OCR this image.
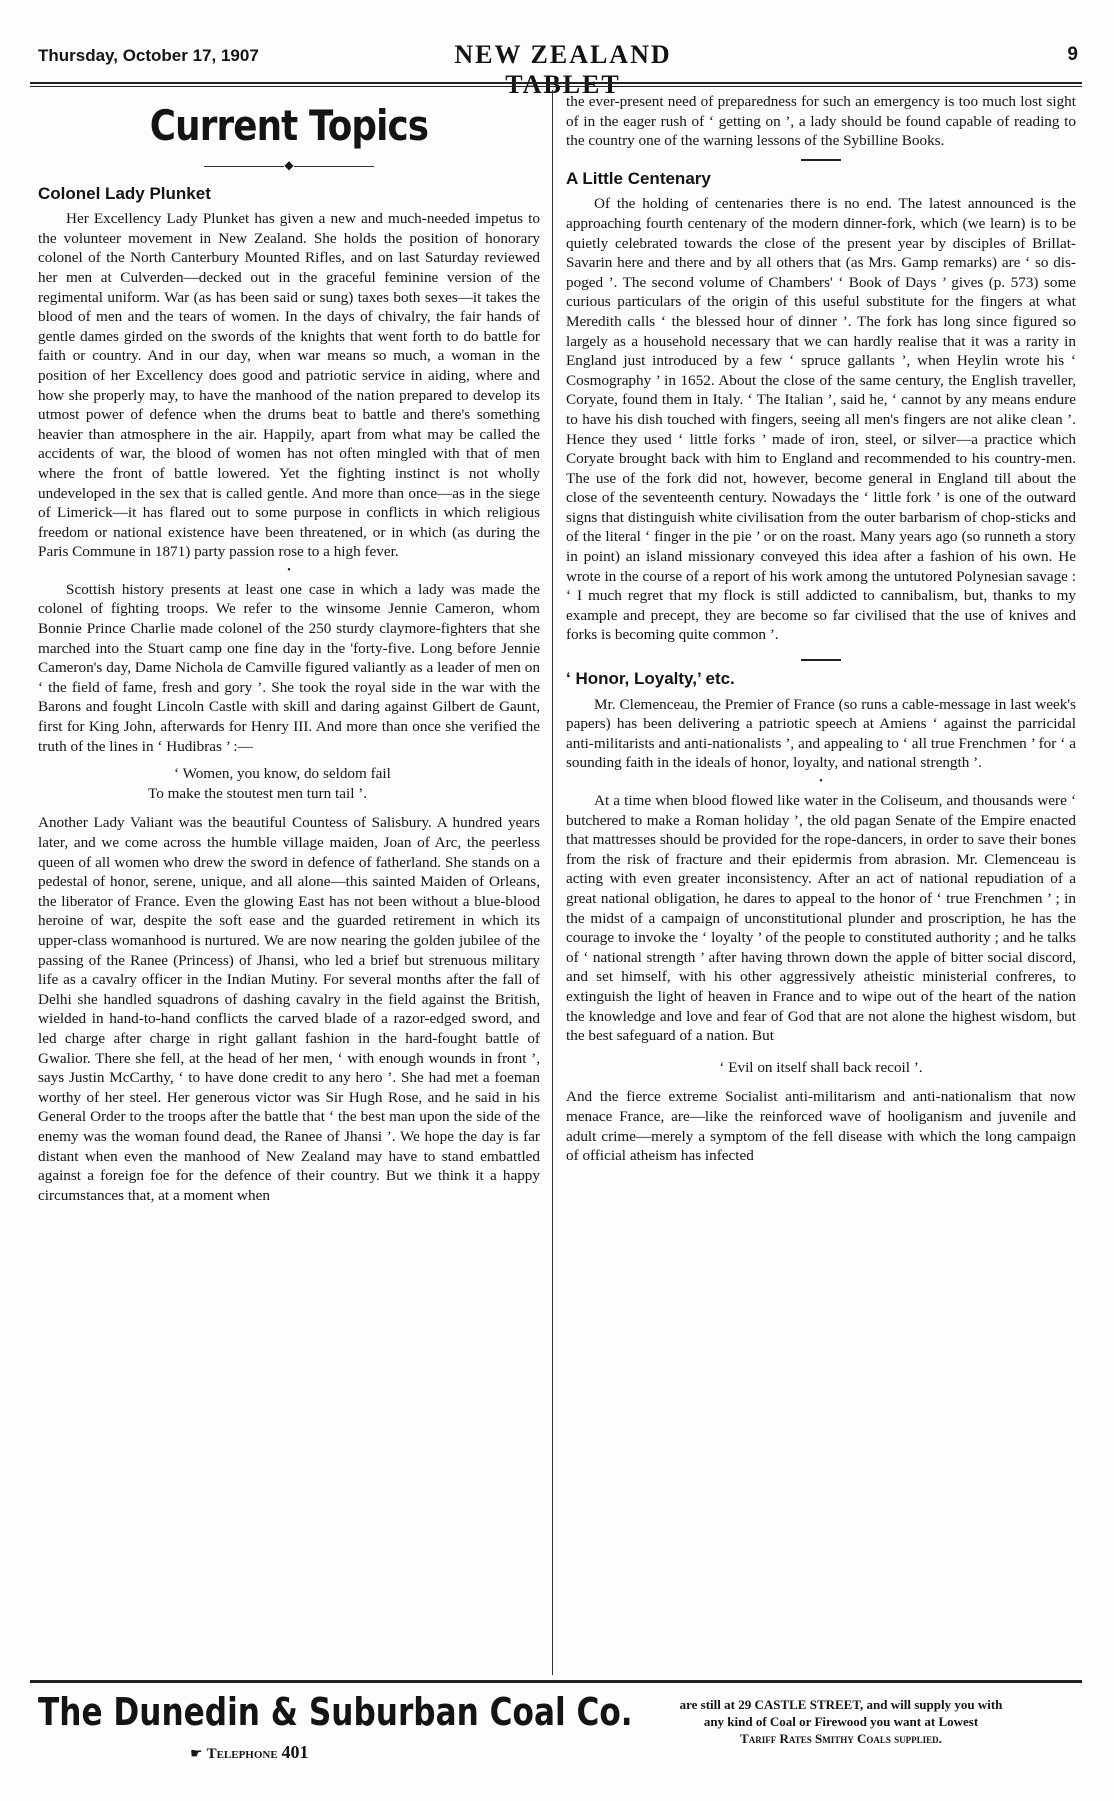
Thursday, October 17, 1907	NEW ZEALAND TABLET
9
Current Topics
◆
Colonel Lady Plunket

Her Excellency Lady Plunket has given a new and much-needed impetus to the volunteer movement in New Zealand. She holds the position of honorary colonel of the North Canterbury Mounted Rifles, and on last Saturday reviewed her men at Culverden—decked out in the graceful feminine version of the regimental uniform. War (as has been said or sung) taxes both sexes—it takes the blood of men and the tears of women. In the days of chivalry, the fair hands of gentle dames girded on the swords of the knights that went forth to do battle for faith or country. And in our day, when war means so much, a woman in the position of her Excellency does good and patriotic service in aiding, where and how she properly may, to have the manhood of the nation prepared to develop its utmost power of defence when the drums beat to battle and there's something heavier than atmosphere in the air. Happily, apart from what may be called the accidents of war, the blood of women has not often mingled with that of men where the front of battle lowered. Yet the fighting instinct is not wholly undeveloped in the sex that is called gentle. And more than once—as in the siege of Limerick—it has flared out to some purpose in conflicts in which religious freedom or national existence have been threatened, or in which (as during the Paris Commune in 1871) party passion rose to a high fever.

•

Scottish history presents at least one case in which a lady was made the colonel of fighting troops. We refer to the winsome Jennie Cameron, whom Bonnie Prince Charlie made colonel of the 250 sturdy claymore-fighters that she marched into the Stuart camp one fine day in the 'forty-five. Long before Jennie Cameron's day, Dame Nichola de Camville figured valiantly as a leader of men on ‘ the field of fame, fresh and gory ’. She took the royal side in the war with the Barons and fought Lincoln Castle with skill and daring against Gilbert de Gaunt, first for King John, afterwards for Henry III. And more than once she verified the truth of the lines in ‘ Hudibras ’ :—

‘ Women, you know, do seldom fail
To make the stoutest men turn tail ’.

Another Lady Valiant was the beautiful Countess of Salisbury. A hundred years later, and we come across the humble village maiden, Joan of Arc, the peerless queen of all women who drew the sword in defence of fatherland. She stands on a pedestal of honor, serene, unique, and all alone—this sainted Maiden of Orleans, the liberator of France. Even the glowing East has not been without a blue-blood heroine of war, despite the soft ease and the guarded retirement in which its upper-class womanhood is nurtured. We are now nearing the golden jubilee of the passing of the Ranee (Princess) of Jhansi, who led a brief but strenuous military life as a cavalry officer in the Indian Mutiny. For several months after the fall of Delhi she handled squadrons of dashing cavalry in the field against the British, wielded in hand-to-hand conflicts the carved blade of a razor-edged sword, and led charge after charge in right gallant fashion in the hard-fought battle of Gwalior. There she fell, at the head of her men, ‘ with enough wounds in front ’, says Justin McCarthy, ‘ to have done credit to any hero ’. She had met a foeman worthy of her steel. Her generous victor was Sir Hugh Rose, and he said in his General Order to the troops after the battle that ‘ the best man upon the side of the enemy was the woman found dead, the Ranee of Jhansi ’. We hope the day is far distant when even the manhood of New Zealand may have to stand embattled against a foreign foe for the defence of their country. But we think it a happy circumstances that, at a moment when

the ever-present need of preparedness for such an emergency is too much lost sight of in the eager rush of ‘ getting on ’, a lady should be found capable of reading to the country one of the warning lessons of the Sybilline Books.

A Little Centenary

Of the holding of centenaries there is no end. The latest announced is the approaching fourth centenary of the modern dinner-fork, which (we learn) is to be quietly celebrated towards the close of the present year by disciples of Brillat-Savarin here and there and by all others that (as Mrs. Gamp remarks) are ‘ so dis-poged ’. The second volume of Chambers' ‘ Book of Days ’ gives (p. 573) some curious particulars of the origin of this useful substitute for the fingers at what Meredith calls ‘ the blessed hour of dinner ’. The fork has long since figured so largely as a household necessary that we can hardly realise that it was a rarity in England just introduced by a few ‘ spruce gallants ’, when Heylin wrote his ‘ Cosmography ’ in 1652. About the close of the same century, the English traveller, Coryate, found them in Italy. ‘ The Italian ’, said he, ‘ cannot by any means endure to have his dish touched with fingers, seeing all men's fingers are not alike clean ’. Hence they used ‘ little forks ’ made of iron, steel, or silver—a practice which Coryate brought back with him to England and recommended to his country-men. The use of the fork did not, however, become general in England till about the close of the seventeenth century. Nowadays the ‘ little fork ’ is one of the outward signs that distinguish white civilisation from the outer barbarism of chop-sticks and of the literal ‘ finger in the pie ’ or on the roast. Many years ago (so runneth a story in point) an island missionary conveyed this idea after a fashion of his own. He wrote in the course of a report of his work among the untutored Polynesian savage : ‘ I much regret that my flock is still addicted to cannibalism, but, thanks to my example and precept, they are become so far civilised that the use of knives and forks is becoming quite common ’.

‘ Honor, Loyalty,’ etc.

Mr. Clemenceau, the Premier of France (so runs a cable-message in last week's papers) has been delivering a patriotic speech at Amiens ‘ against the parricidal anti-militarists and anti-nationalists ’, and appealing to ‘ all true Frenchmen ’ for ‘ a sounding faith in the ideals of honor, loyalty, and national strength ’.

•

At a time when blood flowed like water in the Coliseum, and thousands were ‘ butchered to make a Roman holiday ’, the old pagan Senate of the Empire enacted that mattresses should be provided for the rope-dancers, in order to save their bones from the risk of fracture and their epidermis from abrasion. Mr. Clemenceau is acting with even greater inconsistency. After an act of national repudiation of a great national obligation, he dares to appeal to the honor of ‘ true Frenchmen ’ ; in the midst of a campaign of unconstitutional plunder and proscription, he has the courage to invoke the ‘ loyalty ’ of the people to constituted authority ; and he talks of ‘ national strength ’ after having thrown down the apple of bitter social discord, and set himself, with his other aggressively atheistic ministerial confreres, to extinguish the light of heaven in France and to wipe out of the heart of the nation the knowledge and love and fear of God that are not alone the highest wisdom, but the best safeguard of a nation. But

‘ Evil on itself shall back recoil ’.

And the fierce extreme Socialist anti-militarism and anti-nationalism that now menace France, are—like the reinforced wave of hooliganism and juvenile and adult crime—merely a symptom of the fell disease with which the long campaign of official atheism has infected

The Dunedin & Suburban Coal Co.
☛ Telephone 401
are still at 29 CASTLE STREET, and will supply you with
any kind of Coal or Firewood you want at Lowest
Tariff Rates Smithy Coals supplied.
